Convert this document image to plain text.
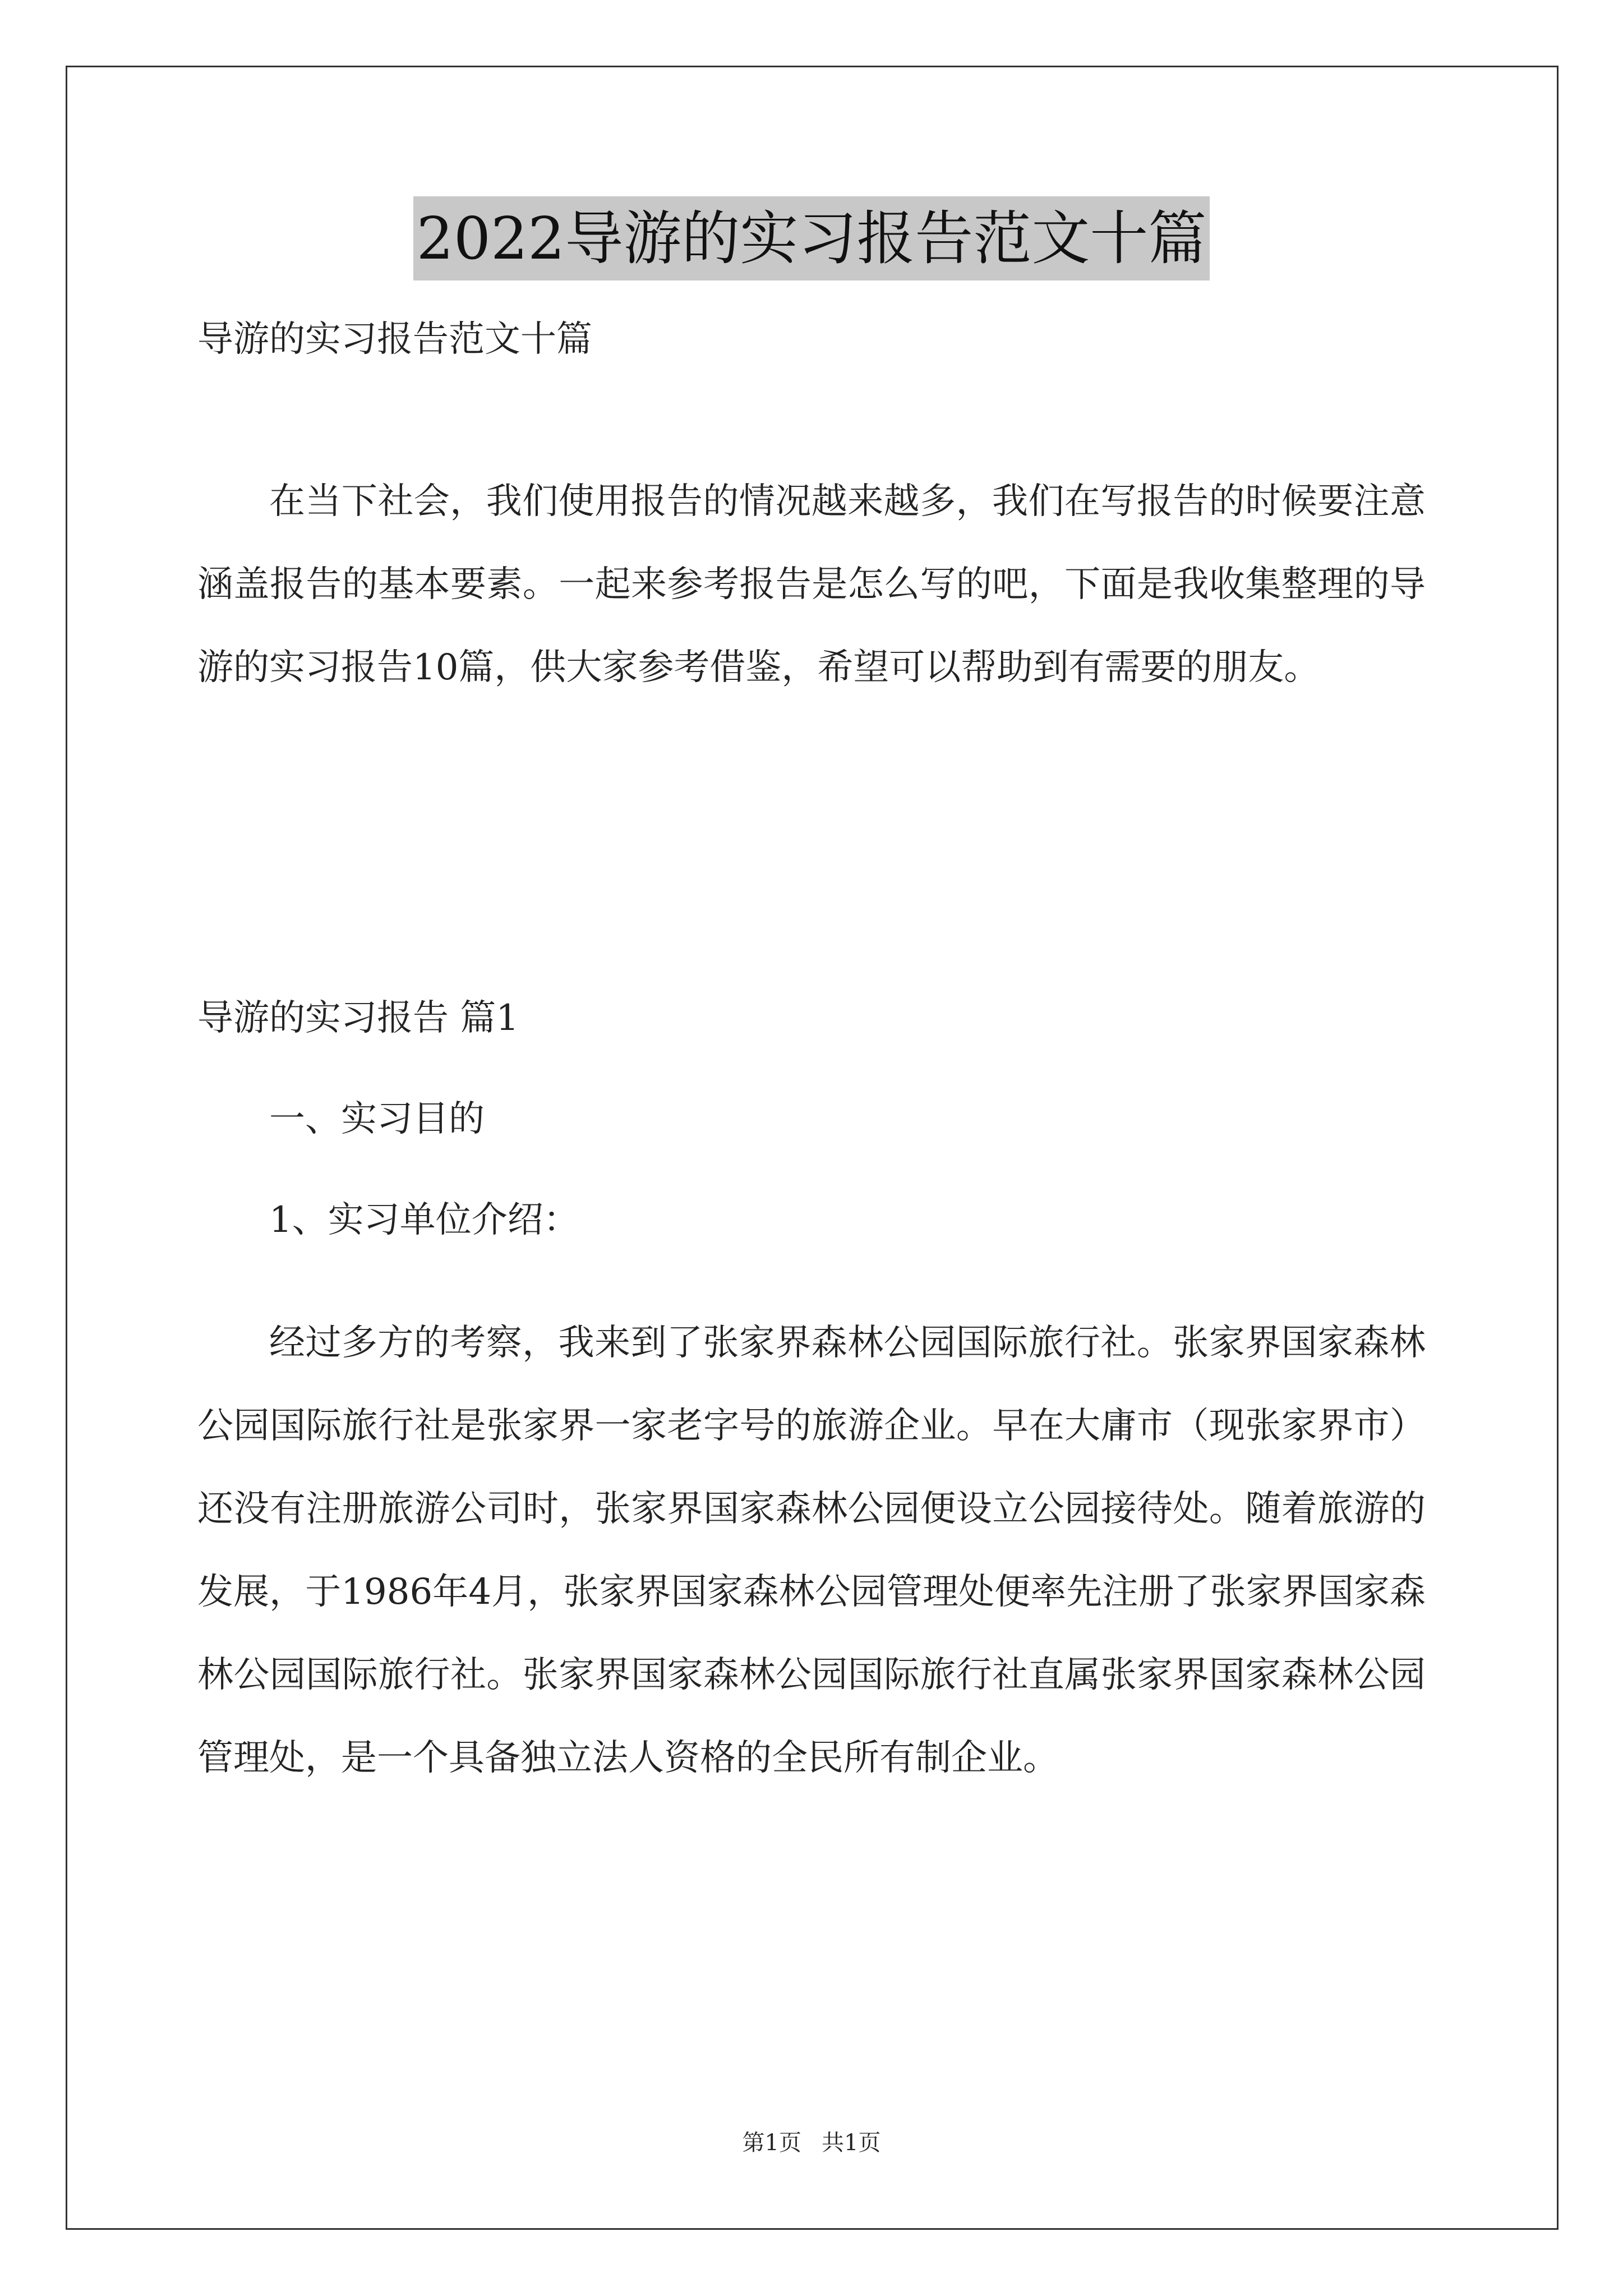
2022导游的实习报告范文十篇
导游的实习报告范文十篇
在当下社会，我们使用报告的情况越来越多，我们在写报告的时候要注意涵盖报告的基本要素。一起来参考报告是怎么写的吧，下面是我收集整理的导游的实习报告10篇，供大家参考借鉴，希望可以帮助到有需要的朋友。
导游的实习报告 篇1
一、实习目的
1、实习单位介绍：
经过多方的考察，我来到了张家界森林公园国际旅行社。张家界国家森林公园国际旅行社是张家界一家老字号的旅游企业。早在大庸市（现张家界市）还没有注册旅游公司时，张家界国家森林公园便设立公园接待处。随着旅游的发展，于1986年4月，张家界国家森林公园管理处便率先注册了张家界国家森林公园国际旅行社。张家界国家森林公园国际旅行社直属张家界国家森林公园管理处，是一个具备独立法人资格的全民所有制企业。
第1页 共1页
